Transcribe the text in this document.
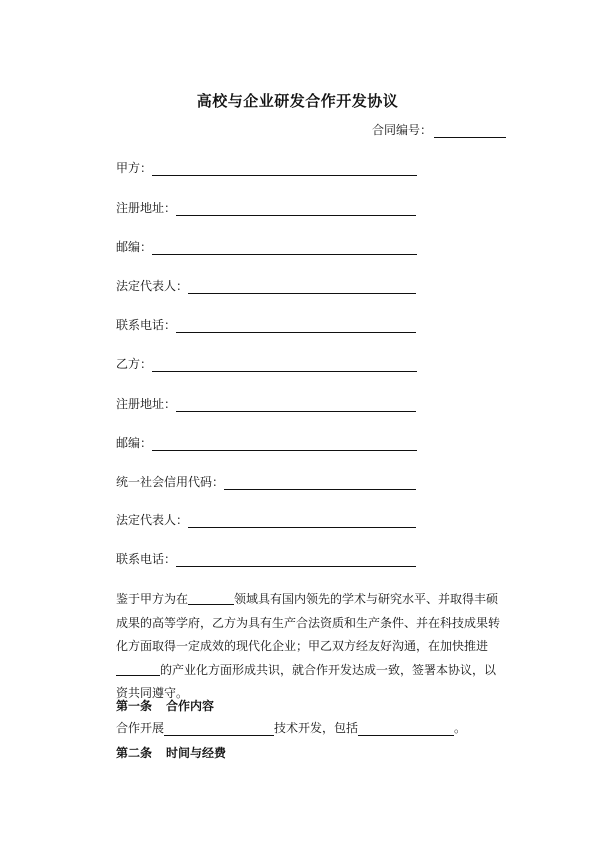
高校与企业研发合作开发协议
合同编号：
甲方：
注册地址：
邮编：
法定代表人：
联系电话：
乙方：
注册地址：
邮编：
统一社会信用代码：
法定代表人：
联系电话：
鉴于甲方为在	领域具有国内领先的学术与研究水平、并取得丰硕成果的高等学府，乙方为具有生产合法资质和生产条件、并在科技成果转化方面取得一定成效的现代化企业；甲乙双方经友好沟通，在加快推进的产业化方面形成共识，就合作开发达成一致，签署本协议，以资共同遵守。
第一条 合作内容
合作开展	技术开发，包括	。
第二条 时间与经费
